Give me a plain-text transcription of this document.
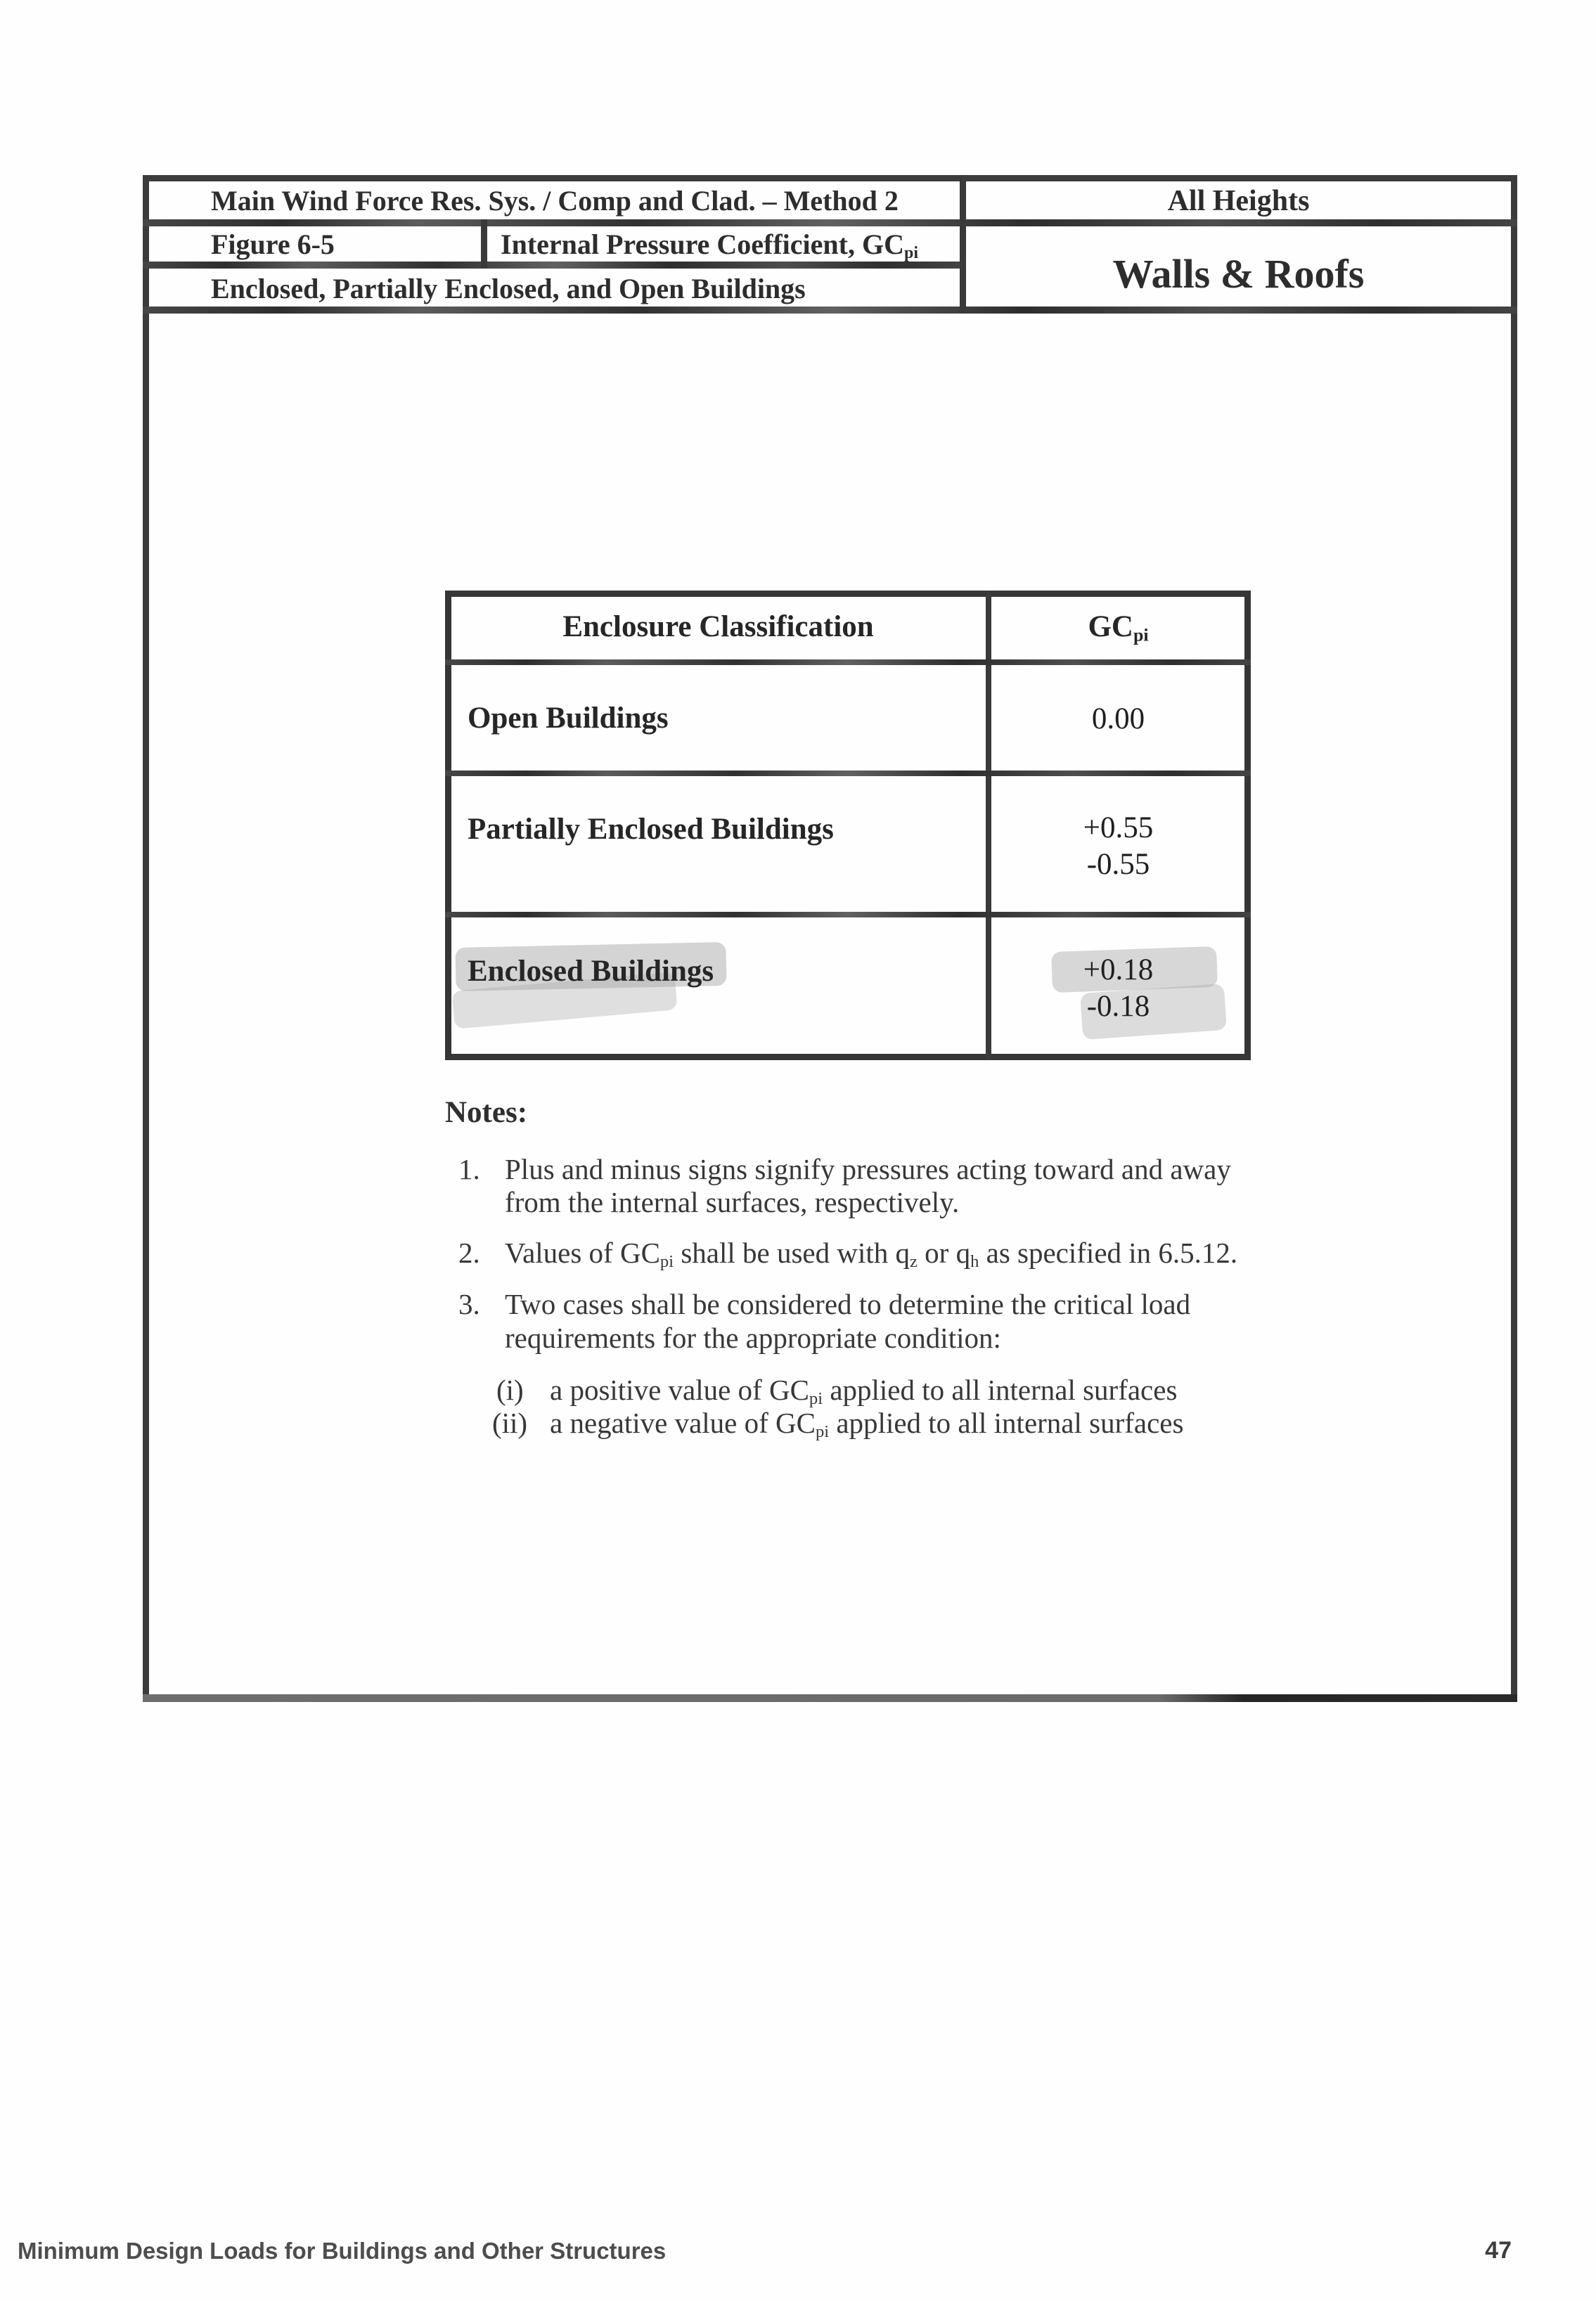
Main Wind Force Res. Sys. / Comp and Clad. – Method 2	All Heights
Figure 6-5	Internal Pressure Coefficient, $GC_{pi}$
Enclosed, Partially Enclosed, and Open Buildings	Walls & Roofs
Enclosure Classification	$GC_{pi}$
Open Buildings	0.00
Partially Enclosed Buildings	+0.55
-0.55
Enclosed Buildings	+0.18
-0.18
Notes:
1. Plus and minus signs signify pressures acting toward and away
from the internal surfaces, respectively.
2. Values of $GC_{pi}$ shall be used with $q_z$ or $q_h$ as specified in 6.5.12.
3. Two cases shall be considered to determine the critical load
requirements for the appropriate condition:
(i) a positive value of $GC_{pi}$ applied to all internal surfaces
(ii) a negative value of $GC_{pi}$ applied to all internal surfaces
Minimum Design Loads for Buildings and Other Structures	47
